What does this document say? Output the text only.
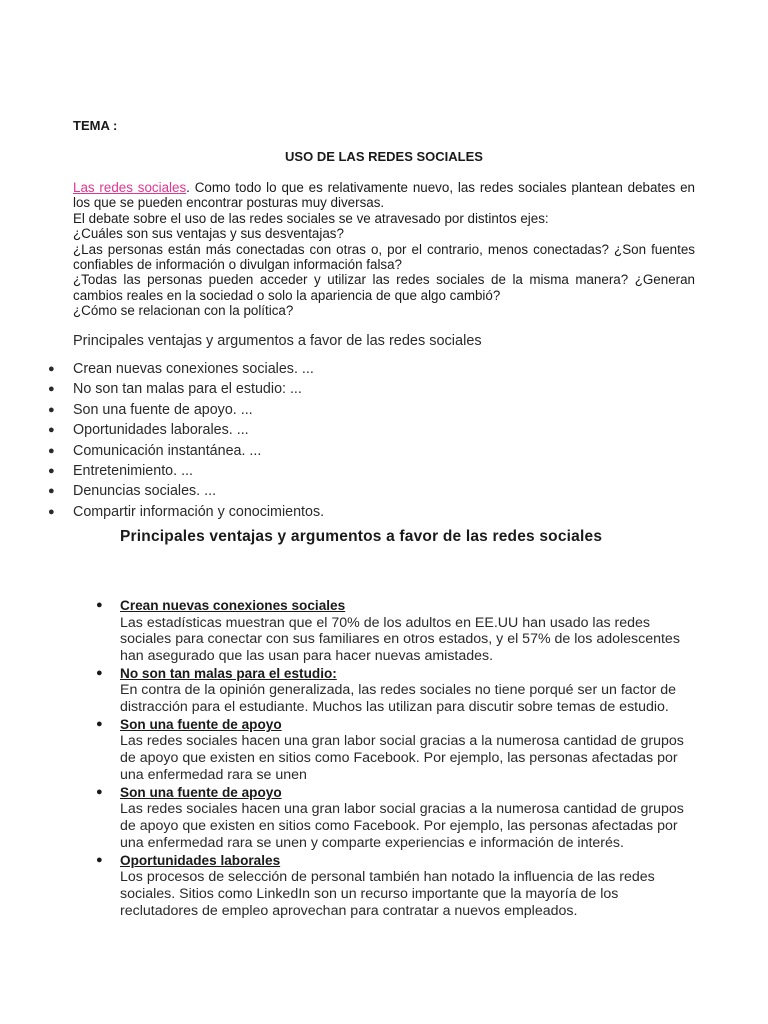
TEMA :
USO DE LAS REDES SOCIALES

Las redes sociales. Como todo lo que es relativamente nuevo, las redes sociales plantean debates en los que se pueden encontrar posturas muy diversas.

El debate sobre el uso de las redes sociales se ve atravesado por distintos ejes:

¿Cuáles son sus ventajas y sus desventajas?

¿Las personas están más conectadas con otras o, por el contrario, menos conectadas? ¿Son fuentes confiables de información o divulgan información falsa?

¿Todas las personas pueden acceder y utilizar las redes sociales de la misma manera? ¿Generan cambios reales en la sociedad o solo la apariencia de que algo cambió?

¿Cómo se relacionan con la política?

Principales ventajas y argumentos a favor de las redes sociales
● Crean nuevas conexiones sociales. ...
● No son tan malas para el estudio: ...
● Son una fuente de apoyo. ...
● Oportunidades laborales. ...
● Comunicación instantánea. ...
● Entretenimiento. ...
● Denuncias sociales. ...
● Compartir información y conocimientos.
Principales ventajas y argumentos a favor de las redes sociales
● Crean nuevas conexiones sociales
Las estadísticas muestran que el 70% de los adultos en EE.UU han usado las redes sociales para conectar con sus familiares en otros estados, y el 57% de los adolescentes han asegurado que las usan para hacer nuevas amistades.
● No son tan malas para el estudio:
En contra de la opinión generalizada, las redes sociales no tiene porqué ser un factor de distracción para el estudiante. Muchos las utilizan para discutir sobre temas de estudio.
● Son una fuente de apoyo
Las redes sociales hacen una gran labor social gracias a la numerosa cantidad de grupos de apoyo que existen en sitios como Facebook. Por ejemplo, las personas afectadas por una enfermedad rara se unen
● Son una fuente de apoyo
Las redes sociales hacen una gran labor social gracias a la numerosa cantidad de grupos de apoyo que existen en sitios como Facebook. Por ejemplo, las personas afectadas por una enfermedad rara se unen y comparte experiencias e información de interés.
● Oportunidades laborales
Los procesos de selección de personal también han notado la influencia de las redes sociales. Sitios como LinkedIn son un recurso importante que la mayoría de los reclutadores de empleo aprovechan para contratar a nuevos empleados.
